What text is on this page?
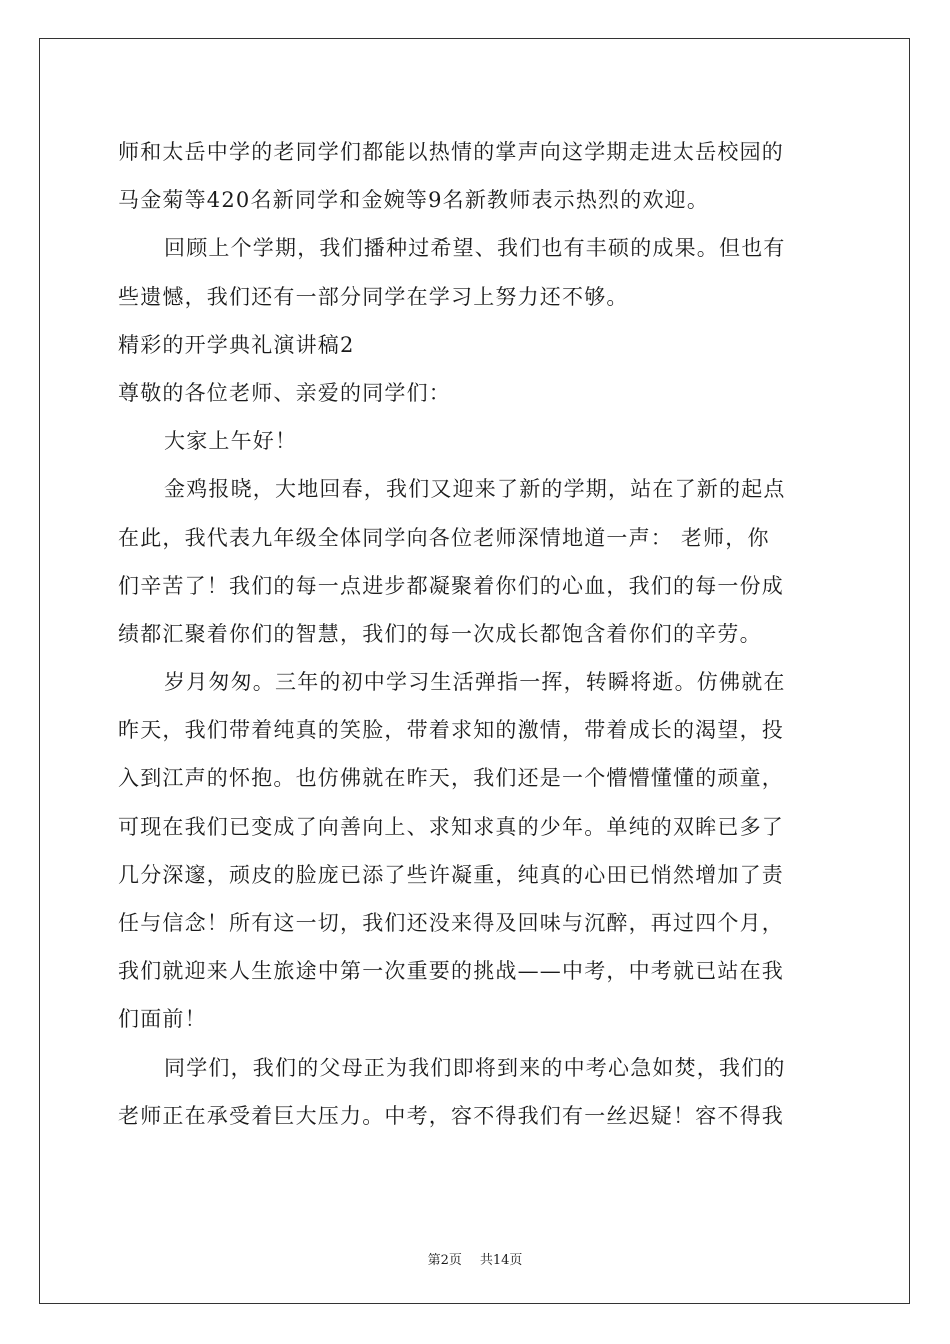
师和太岳中学的老同学们都能以热情的掌声向这学期走进太岳校园的
马金菊等420名新同学和金婉等9名新教师表示热烈的欢迎。
回顾上个学期，我们播种过希望、我们也有丰硕的成果。但也有
些遗憾，我们还有一部分同学在学习上努力还不够。
精彩的开学典礼演讲稿2
尊敬的各位老师、亲爱的同学们：
大家上午好！
金鸡报晓，大地回春，我们又迎来了新的学期，站在了新的起点
在此，我代表九年级全体同学向各位老师深情地道一声： 老师，你
们辛苦了！我们的每一点进步都凝聚着你们的心血，我们的每一份成
绩都汇聚着你们的智慧，我们的每一次成长都饱含着你们的辛劳。
岁月匆匆。三年的初中学习生活弹指一挥，转瞬将逝。仿佛就在
昨天，我们带着纯真的笑脸，带着求知的激情，带着成长的渴望，投
入到江声的怀抱。也仿佛就在昨天，我们还是一个懵懵懂懂的顽童，
可现在我们已变成了向善向上、求知求真的少年。单纯的双眸已多了
几分深邃，顽皮的脸庞已添了些许凝重，纯真的心田已悄然增加了责
任与信念！所有这一切，我们还没来得及回味与沉醉，再过四个月，
我们就迎来人生旅途中第一次重要的挑战——中考，中考就已站在我
们面前！
同学们，我们的父母正为我们即将到来的中考心急如焚，我们的
老师正在承受着巨大压力。中考，容不得我们有一丝迟疑！容不得我
第2页 共14页
